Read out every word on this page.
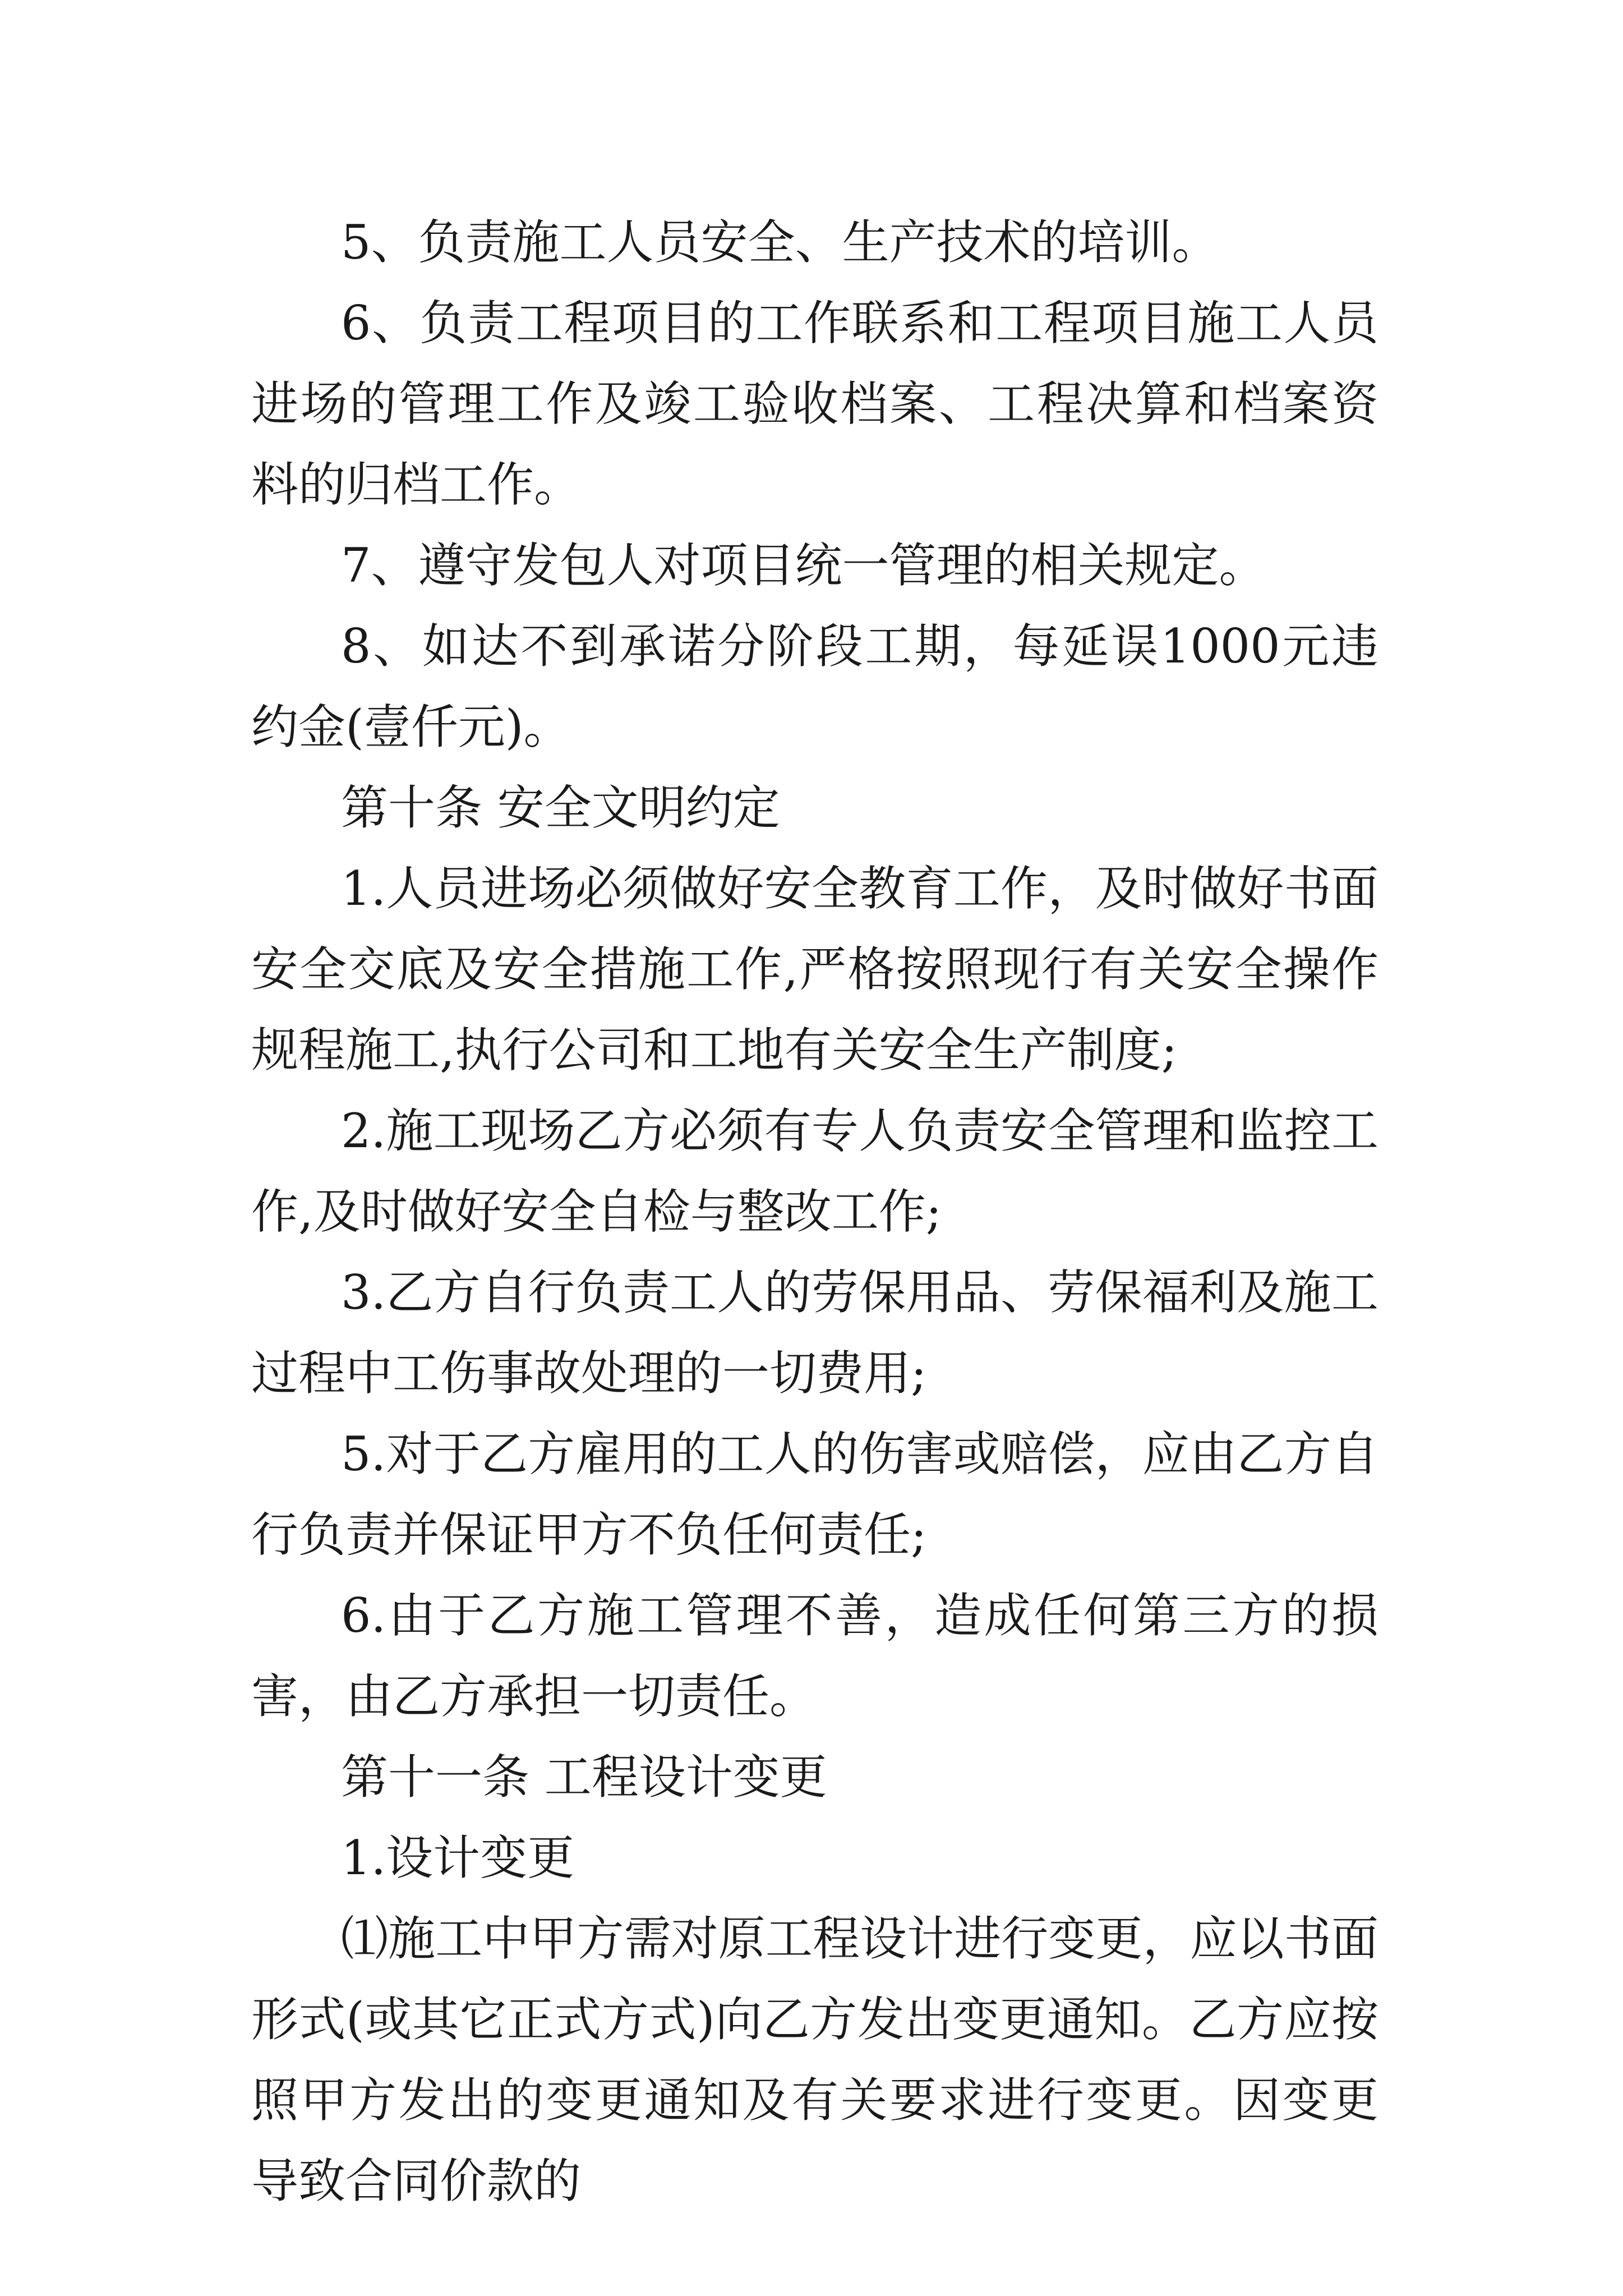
5、负责施工人员安全、生产技术的培训。

6、负责工程项目的工作联系和工程项目施工人员进场的管理工作及竣工验收档案、工程决算和档案资料的归档工作。

7、遵守发包人对项目统一管理的相关规定。

8、如达不到承诺分阶段工期，每延误1000元违约金(壹仟元)。

第十条 安全文明约定

1.人员进场必须做好安全教育工作，及时做好书面安全交底及安全措施工作,严格按照现行有关安全操作规程施工,执行公司和工地有关安全生产制度;

2.施工现场乙方必须有专人负责安全管理和监控工作,及时做好安全自检与整改工作;

3.乙方自行负责工人的劳保用品、劳保福利及施工过程中工伤事故处理的一切费用;

5.对于乙方雇用的工人的伤害或赔偿，应由乙方自行负责并保证甲方不负任何责任;

6.由于乙方施工管理不善，造成任何第三方的损害，由乙方承担一切责任。

第十一条 工程设计变更

1.设计变更

⑴施工中甲方需对原工程设计进行变更，应以书面形式(或其它正式方式)向乙方发出变更通知。乙方应按照甲方发出的变更通知及有关要求进行变更。因变更导致合同价款的
